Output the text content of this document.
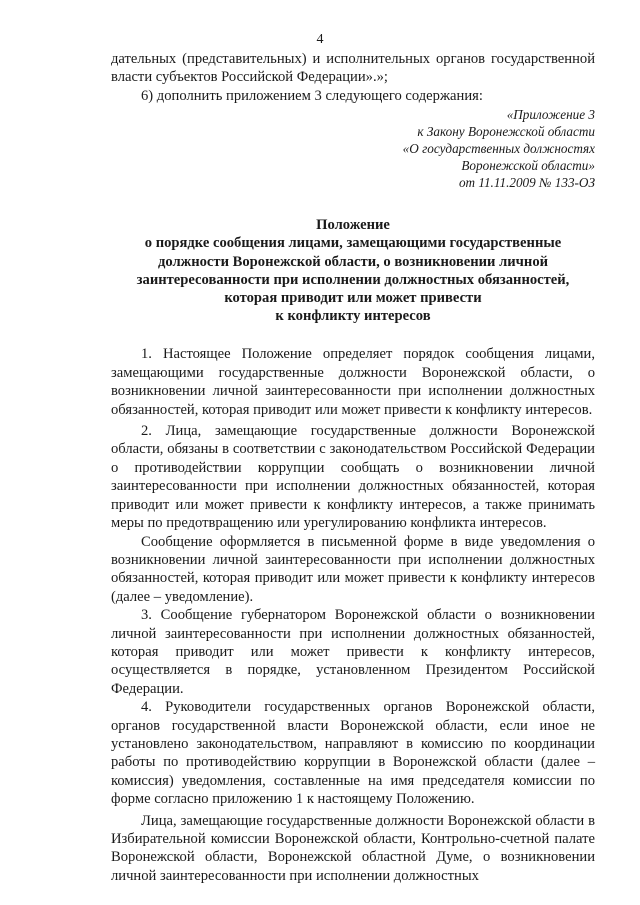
4

дательных (представительных) и исполнительных органов государственной власти субъектов Российской Федерации».»;

6) дополнить приложением 3 следующего содержания:

«Приложение 3
к Закону Воронежской области
«О государственных должностях
Воронежской области»
от 11.11.2009 № 133-ОЗ
Положение
о порядке сообщения лицами, замещающими государственные
должности Воронежской области, о возникновении личной
заинтересованности при исполнении должностных обязанностей,
которая приводит или может привести
к конфликту интересов

1. Настоящее Положение определяет порядок сообщения лицами, замещающими государственные должности Воронежской области, о возникновении личной заинтересованности при исполнении должностных обязанностей, которая приводит или может привести к конфликту интересов.

2. Лица, замещающие государственные должности Воронежской области, обязаны в соответствии с законодательством Российской Федерации о противодействии коррупции сообщать о возникновении личной заинтересованности при исполнении должностных обязанностей, которая приводит или может привести к конфликту интересов, а также принимать меры по предотвращению или урегулированию конфликта интересов.

Сообщение оформляется в письменной форме в виде уведомления о возникновении личной заинтересованности при исполнении должностных обязанностей, которая приводит или может привести к конфликту интересов (далее – уведомление).

3. Сообщение губернатором Воронежской области о возникновении личной заинтересованности при исполнении должностных обязанностей, которая приводит или может привести к конфликту интересов, осуществляется в порядке, установленном Президентом Российской Федерации.

4. Руководители государственных органов Воронежской области, органов государственной власти Воронежской области, если иное не установлено законодательством, направляют в комиссию по координации работы по противодействию коррупции в Воронежской области (далее – комиссия) уведомления, составленные на имя председателя комиссии по форме согласно приложению 1 к настоящему Положению.

Лица, замещающие государственные должности Воронежской области в Избирательной комиссии Воронежской области, Контрольно-счетной палате Воронежской области, Воронежской областной Думе, о возникновении личной заинтересованности при исполнении должностных
